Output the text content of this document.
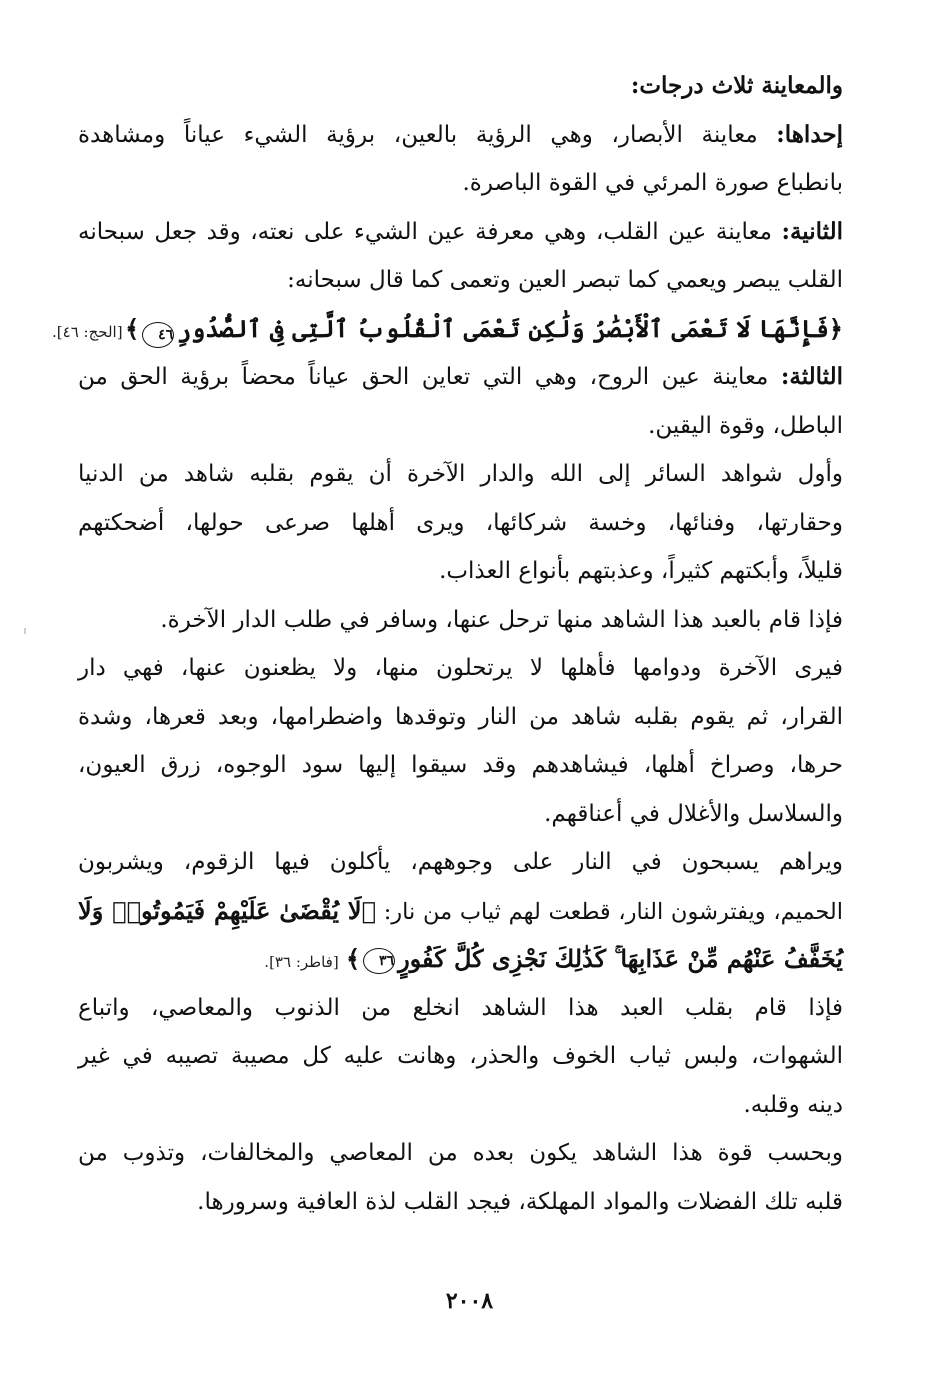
والمعاينة ثلاث درجات:
إحداها: معاينة الأبصار، وهي الرؤية بالعين، برؤية الشيء عياناً ومشاهدة
بانطباع صورة المرئي في القوة الباصرة.
الثانية: معاينة عين القلب، وهي معرفة عين الشيء على نعته، وقد جعل سبحانه
القلب يبصر ويعمي كما تبصر العين وتعمى كما قال سبحانه:
﴿فَإِنَّهَا لَا تَعْمَى ٱلْأَبْصَٰرُ وَلَٰكِن تَعْمَى ٱلْقُلُوبُ ٱلَّتِى فِى ٱلصُّدُورِ٤٦﴾ [الحج: ٤٦].
الثالثة: معاينة عين الروح، وهي التي تعاين الحق عياناً محضاً برؤية الحق من
الباطل، وقوة اليقين.
وأول شواهد السائر إلى الله والدار الآخرة أن يقوم بقلبه شاهد من الدنيا
وحقارتها، وفنائها، وخسة شركائها، ويرى أهلها صرعى حولها، أضحكتهم
قليلاً، وأبكتهم كثيراً، وعذبتهم بأنواع العذاب.
فإذا قام بالعبد هذا الشاهد منها ترحل عنها، وسافر في طلب الدار الآخرة.
فيرى الآخرة ودوامها فأهلها لا يرتحلون منها، ولا يظعنون عنها، فهي دار
القرار، ثم يقوم بقلبه شاهد من النار وتوقدها واضطرامها، وبعد قعرها، وشدة
حرها، وصراخ أهلها، فيشاهدهم وقد سيقوا إليها سود الوجوه، زرق العيون،
والسلاسل والأغلال في أعناقهم.
ويراهم يسبحون في النار على وجوههم، يأكلون فيها الزقوم، ويشربون
الحميم، ويفترشون النار، قطعت لهم ثياب من نار: ﴿لَا يُقْضَىٰ عَلَيْهِمْ فَيَمُوتُوا۟ وَلَا
يُخَفَّفُ عَنْهُم مِّنْ عَذَابِهَا ۚ كَذَٰلِكَ نَجْزِى كُلَّ كَفُورٍ٣٦﴾ [فاطر: ٣٦].
فإذا قام بقلب العبد هذا الشاهد انخلع من الذنوب والمعاصي، واتباع
الشهوات، ولبس ثياب الخوف والحذر، وهانت عليه كل مصيبة تصيبه في غير
دينه وقلبه.
وبحسب قوة هذا الشاهد يكون بعده من المعاصي والمخالفات، وتذوب من
قلبه تلك الفضلات والمواد المهلكة، فيجد القلب لذة العافية وسرورها.
٢٠٠٨
